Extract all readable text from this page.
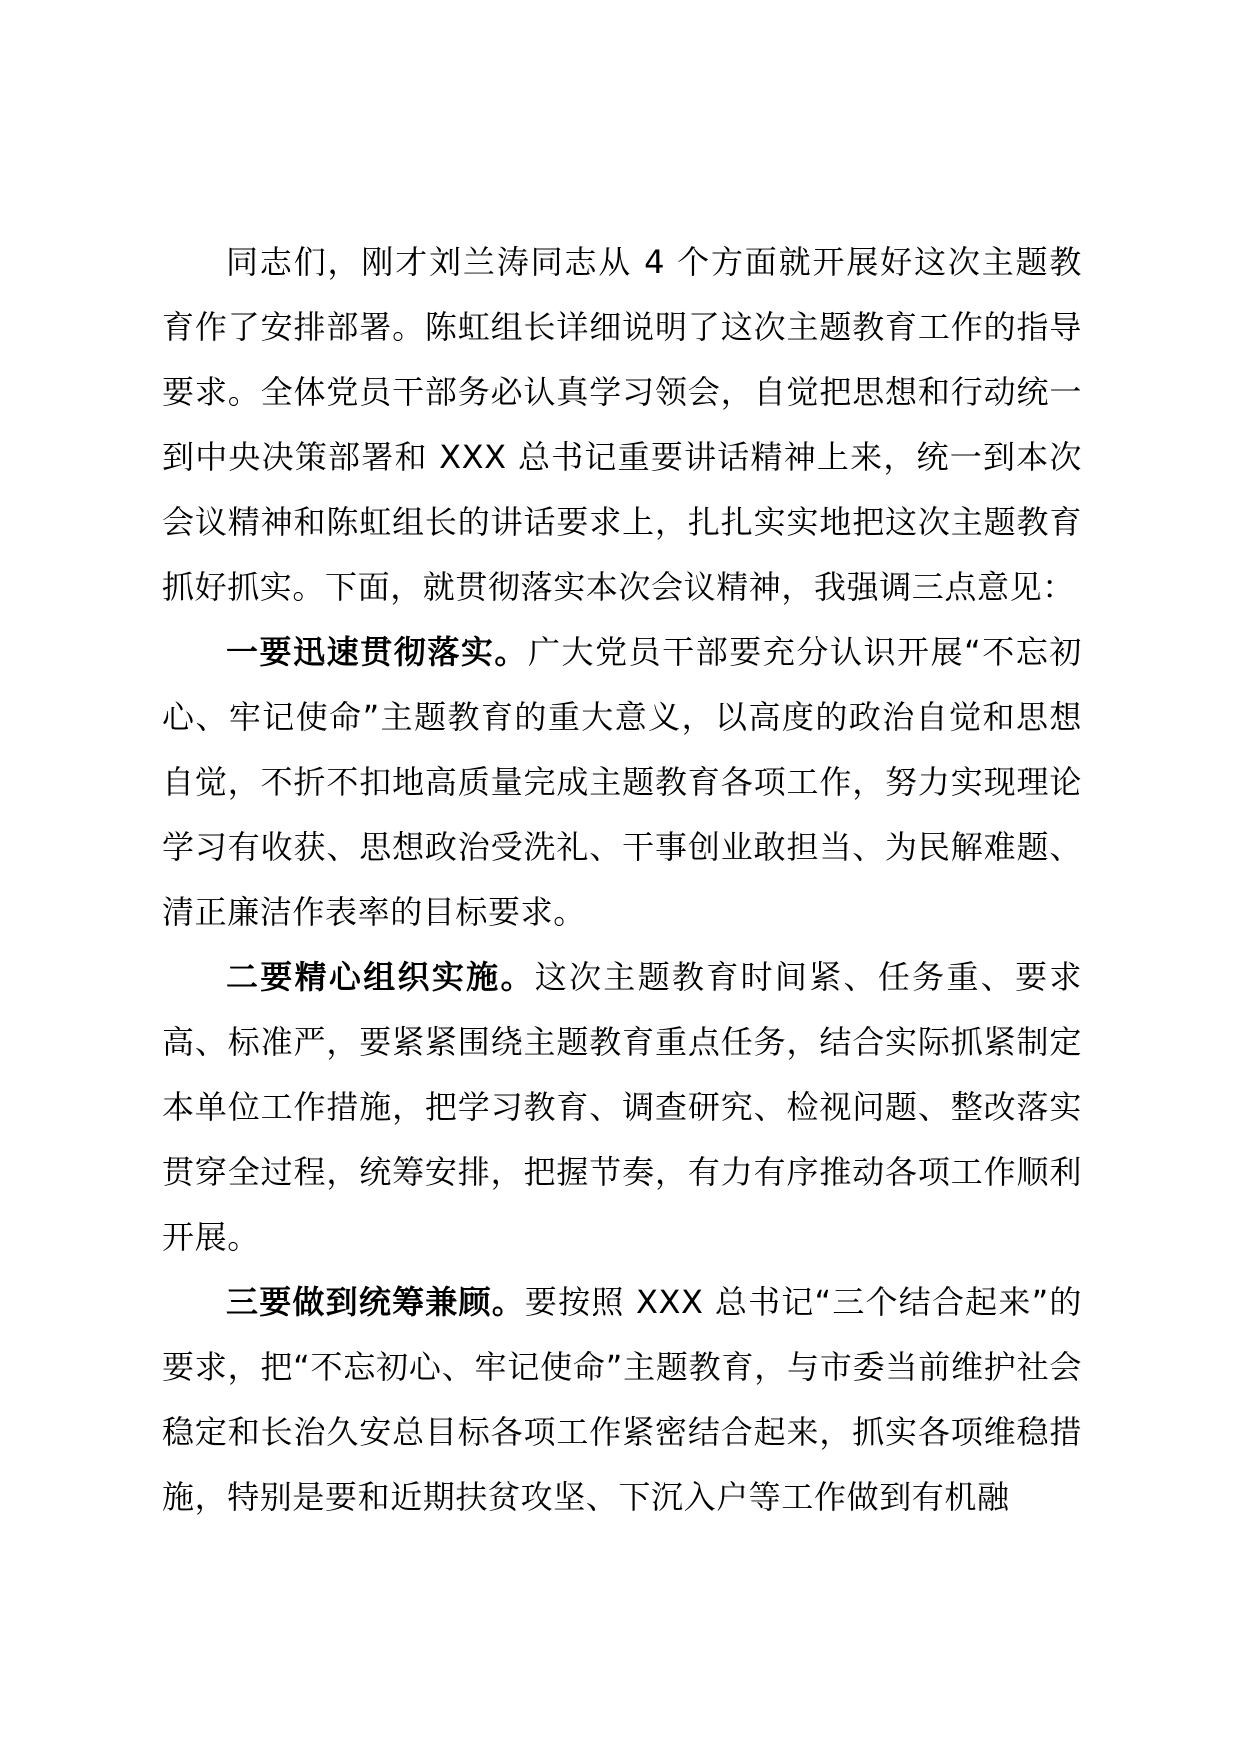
同志们，刚才刘兰涛同志从 4 个方面就开展好这次主题教育作了安排部署。陈虹组长详细说明了这次主题教育工作的指导要求。全体党员干部务必认真学习领会，自觉把思想和行动统一到中央决策部署和 XXX 总书记重要讲话精神上来，统一到本次会议精神和陈虹组长的讲话要求上，扎扎实实地把这次主题教育抓好抓实。下面，就贯彻落实本次会议精神，我强调三点意见：

一要迅速贯彻落实。广大党员干部要充分认识开展“不忘初心、牢记使命”主题教育的重大意义，以高度的政治自觉和思想自觉，不折不扣地高质量完成主题教育各项工作，努力实现理论学习有收获、思想政治受洗礼、干事创业敢担当、为民解难题、清正廉洁作表率的目标要求。

二要精心组织实施。这次主题教育时间紧、任务重、要求高、标准严，要紧紧围绕主题教育重点任务，结合实际抓紧制定本单位工作措施，把学习教育、调查研究、检视问题、整改落实贯穿全过程，统筹安排，把握节奏，有力有序推动各项工作顺利开展。

三要做到统筹兼顾。要按照 XXX 总书记“三个结合起来”的要求，把“不忘初心、牢记使命”主题教育，与市委当前维护社会稳定和长治久安总目标各项工作紧密结合起来，抓实各项维稳措施，特别是要和近期扶贫攻坚、下沉入户等工作做到有机融
